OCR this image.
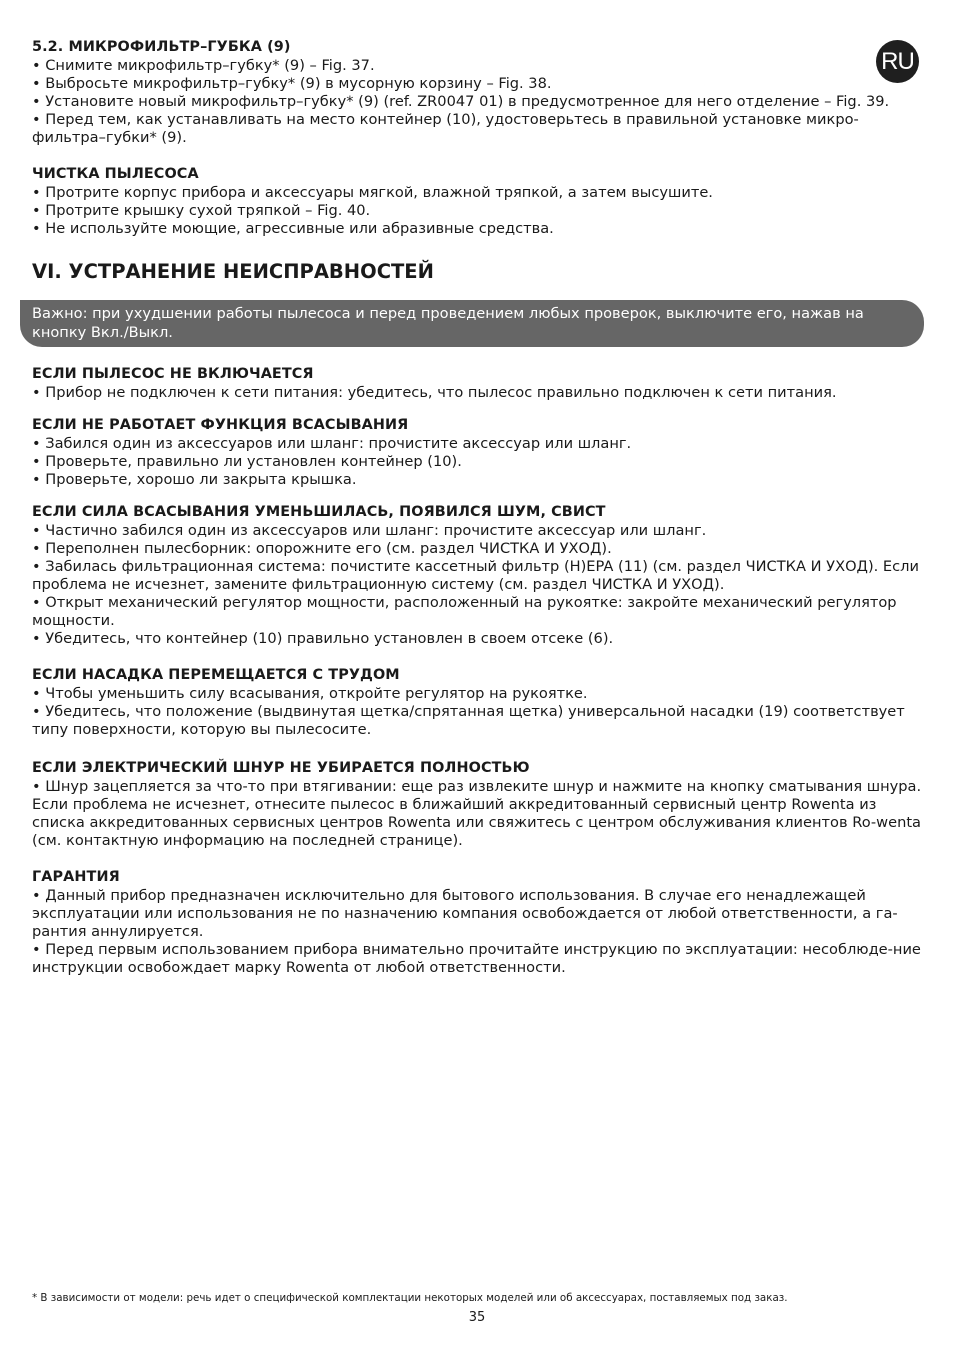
RU
5.2. МИКРОФИЛЬТР–ГУБКА (9)

• Снимите микрофильтр–губку* (9) – Fig. 37.

• Выбросьте микрофильтр–губку* (9) в мусорную корзину – Fig. 38.

• Установите новый микрофильтр–губку* (9) (ref. ZR0047 01) в предусмотренное для него отделение – Fig. 39.

• Перед тем, как устанавливать на место контейнер (10), удостоверьтесь в правильной установке микро-фильтра–губки* (9).

ЧИСТКА ПЫЛЕСОСА

• Протрите корпус прибора и аксессуары мягкой, влажной тряпкой, а затем высушите.

• Протрите крышку сухой тряпкой – Fig. 40.

• Не используйте моющие, агрессивные или абразивные средства.

VI. УСТРАНЕНИЕ НЕИСПРАВНОСТЕЙ
Важно: при ухудшении работы пылесоса и перед проведением любых проверок, выключите его, нажав на кнопку Вкл./Выкл.
ЕСЛИ ПЫЛЕСОС НЕ ВКЛЮЧАЕТСЯ

• Прибор не подключен к сети питания: убедитесь, что пылесос правильно подключен к сети питания.

ЕСЛИ НЕ РАБОТАЕТ ФУНКЦИЯ ВСАСЫВАНИЯ

• Забился один из аксессуаров или шланг: прочистите аксессуар или шланг.

• Проверьте, правильно ли установлен контейнер (10).

• Проверьте, хорошо ли закрыта крышка.

ЕСЛИ СИЛА ВСАСЫВАНИЯ УМЕНЬШИЛАСЬ, ПОЯВИЛСЯ ШУМ, СВИСТ

• Частично забился один из аксессуаров или шланг: прочистите аксессуар или шланг.

• Переполнен пылесборник: опорожните его (см. раздел ЧИСТКА И УХОД).

• Забилась фильтрационная система: почистите кассетный фильтр (H)EPA (11) (см. раздел ЧИСТКА И УХОД). Если проблема не исчезнет, замените фильтрационную систему (см. раздел ЧИСТКА И УХОД).

• Открыт механический регулятор мощности, расположенный на рукоятке: закройте механический регулятор мощности.

• Убедитесь, что контейнер (10) правильно установлен в своем отсеке (6).

ЕСЛИ НАСАДКА ПЕРЕМЕЩАЕТСЯ С ТРУДОМ

• Чтобы уменьшить силу всасывания, откройте регулятор на рукоятке.

• Убедитесь, что положение (выдвинутая щетка/спрятанная щетка) универсальной насадки (19) соответствует типу поверхности, которую вы пылесосите.

ЕСЛИ ЭЛЕКТРИЧЕСКИЙ ШНУР НЕ УБИРАЕТСЯ ПОЛНОСТЬЮ

• Шнур зацепляется за что-то при втягивании: еще раз извлеките шнур и нажмите на кнопку сматывания шнура.

Если проблема не исчезнет, отнесите пылесос в ближайший аккредитованный сервисный центр Rowenta из списка аккредитованных сервисных центров Rowenta или свяжитесь с центром обслуживания клиентов Ro-wenta (см. контактную информацию на последней странице).

ГАРАНТИЯ

• Данный прибор предназначен исключительно для бытового использования. В случае его ненадлежащей эксплуатации или использования не по назначению компания освобождается от любой ответственности, а га-рантия аннулируется.

• Перед первым использованием прибора внимательно прочитайте инструкцию по эксплуатации: несоблюде-ние инструкции освобождает марку Rowenta от любой ответственности.

* В зависимости от модели: речь идет о специфической комплектации некоторых моделей или об аксессуарах, поставляемых под заказ.
35
